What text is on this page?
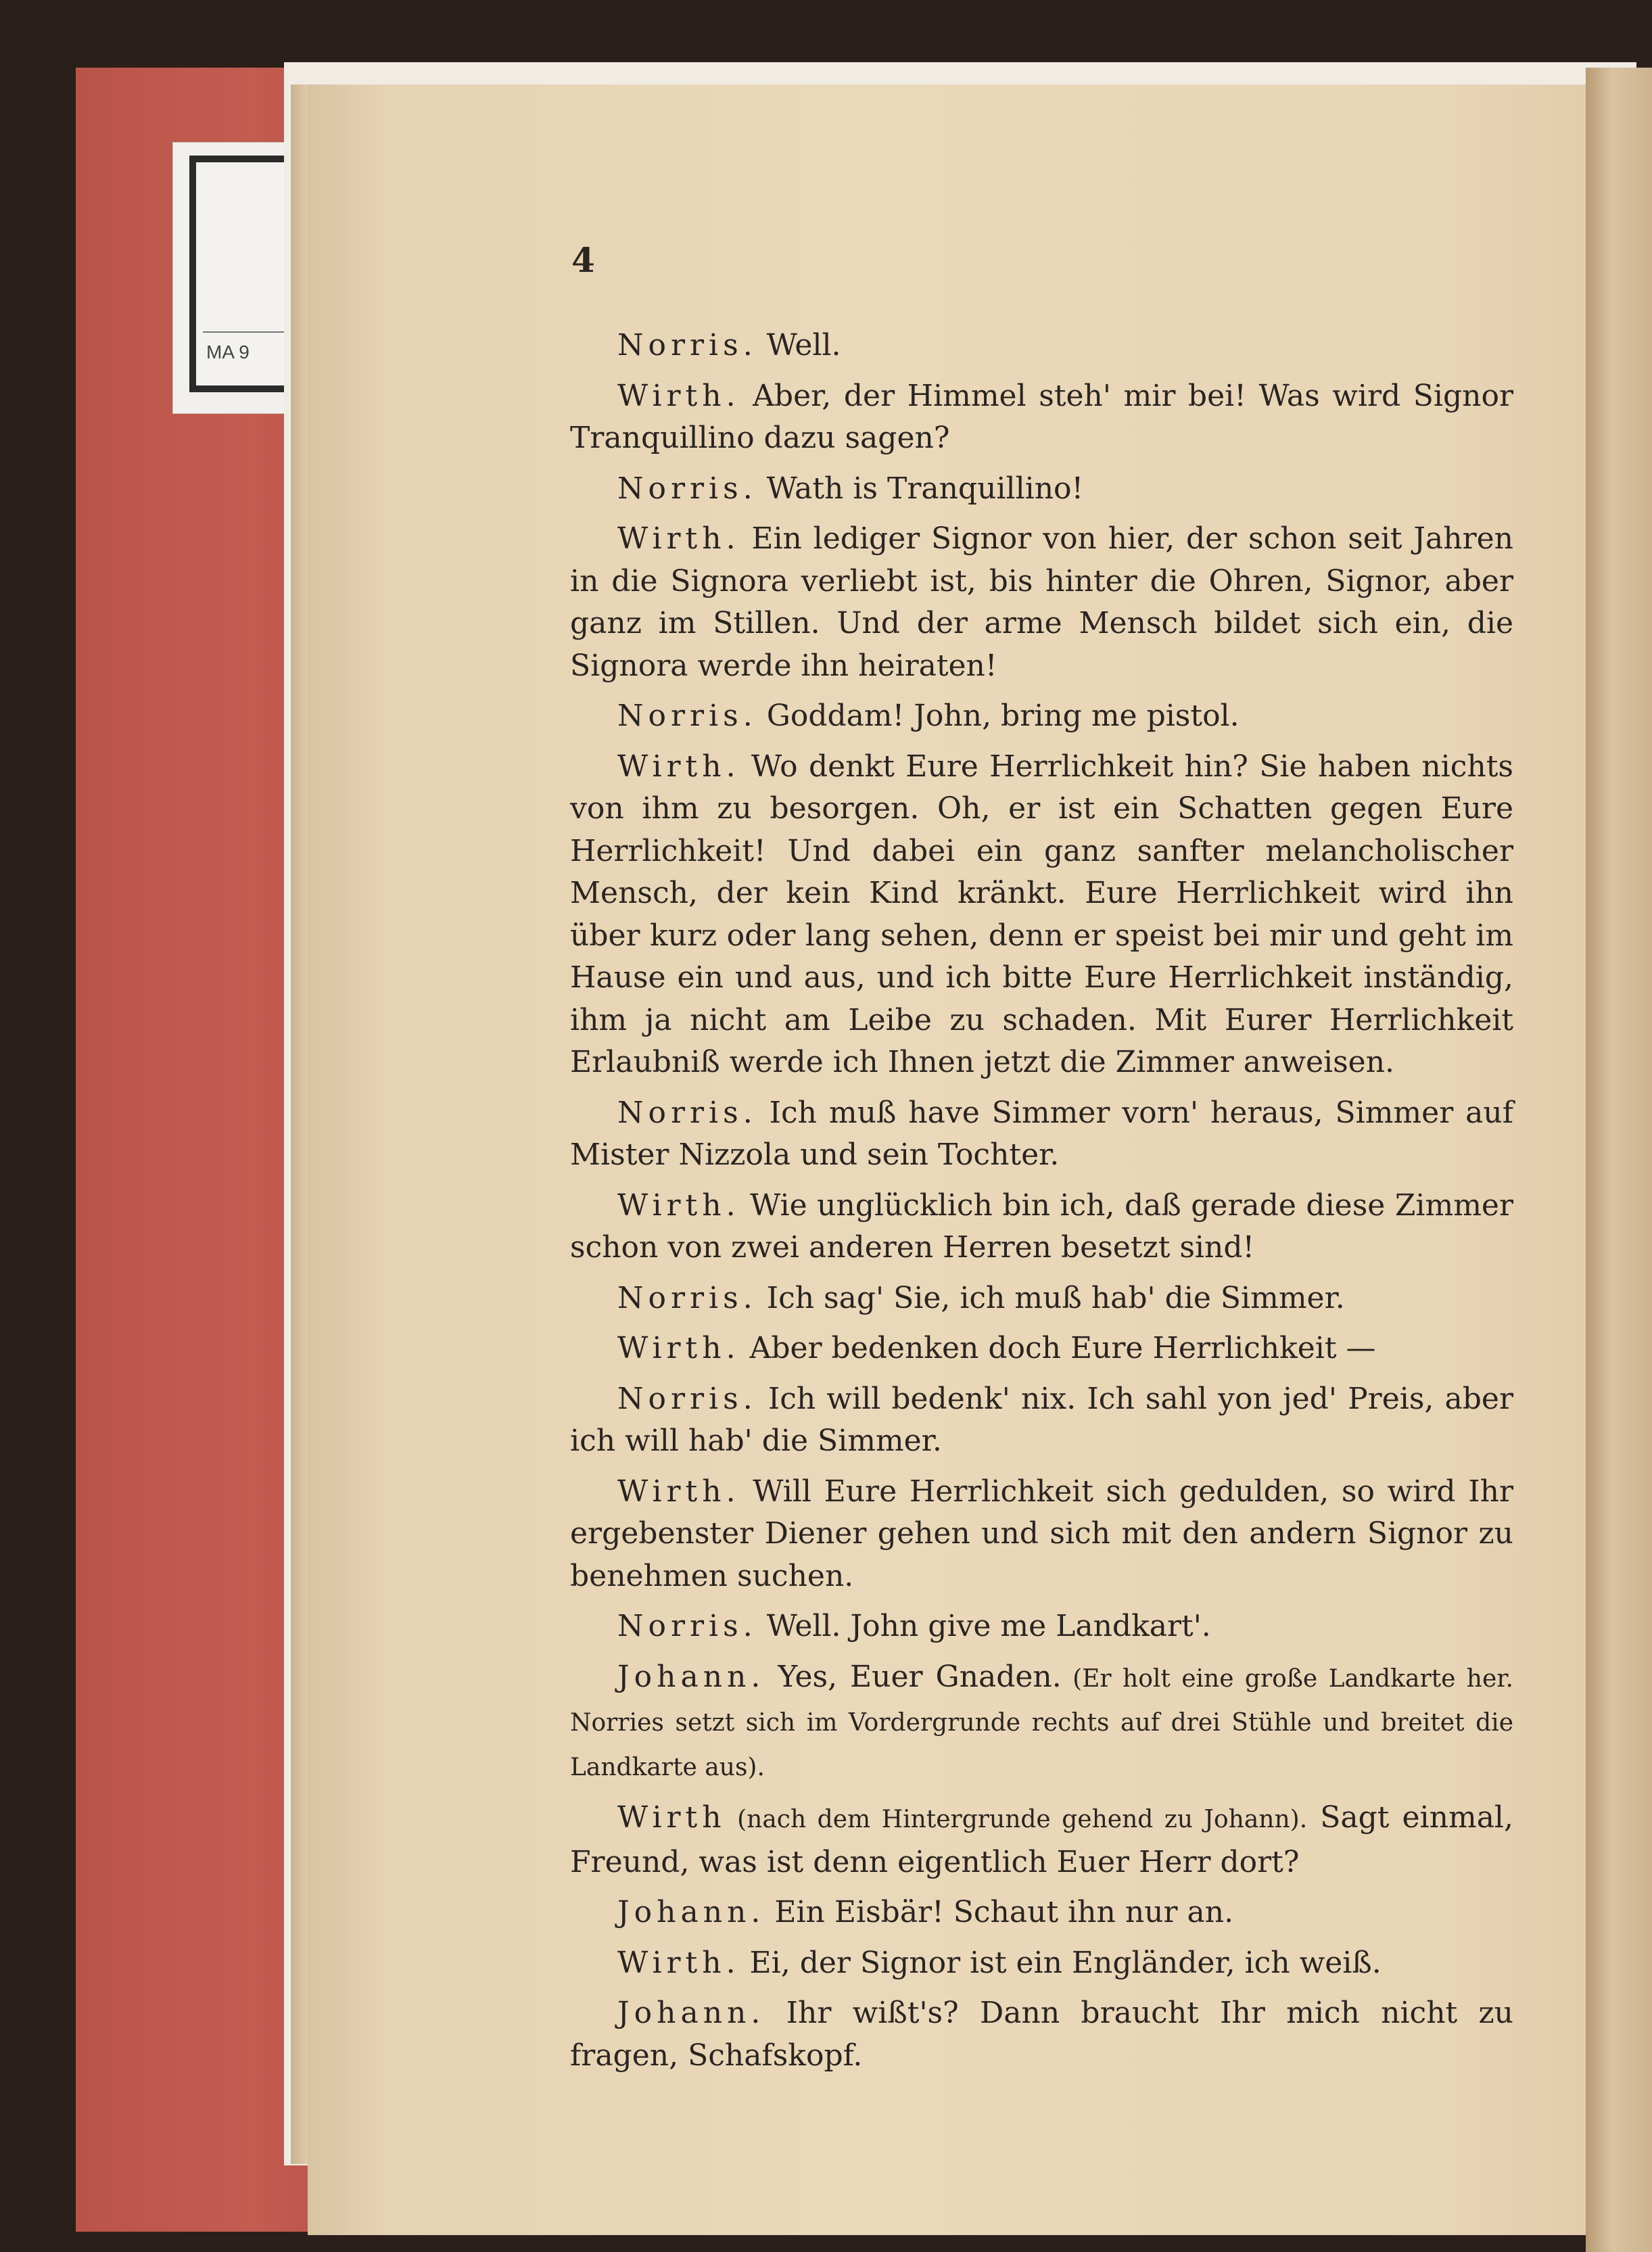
MA 9
4

Norris. Well.

Wirth. Aber, der Himmel steh' mir bei! Was wird Signor Tranquillino dazu sagen?

Norris. Wath is Tranquillino!

Wirth. Ein lediger Signor von hier, der schon seit Jahren in die Signora verliebt ist, bis hinter die Ohren, Signor, aber ganz im Stillen. Und der arme Mensch bildet sich ein, die Signora werde ihn heiraten!

Norris. Goddam! John, bring me pistol.

Wirth. Wo denkt Eure Herrlichkeit hin? Sie haben nichts von ihm zu besorgen. Oh, er ist ein Schatten gegen Eure Herrlichkeit! Und dabei ein ganz sanfter melancholischer Mensch, der kein Kind kränkt. Eure Herrlichkeit wird ihn über kurz oder lang sehen, denn er speist bei mir und geht im Hause ein und aus, und ich bitte Eure Herrlichkeit inständig, ihm ja nicht am Leibe zu schaden. Mit Eurer Herrlichkeit Erlaubniß werde ich Ihnen jetzt die Zimmer anweisen.

Norris. Ich muß have Simmer vorn' heraus, Simmer auf Mister Nizzola und sein Tochter.

Wirth. Wie unglücklich bin ich, daß gerade diese Zimmer schon von zwei anderen Herren besetzt sind!

Norris. Ich sag' Sie, ich muß hab' die Simmer.

Wirth. Aber bedenken doch Eure Herrlichkeit —

Norris. Ich will bedenk' nix. Ich sahl yon jed' Preis, aber ich will hab' die Simmer.

Wirth. Will Eure Herrlichkeit sich gedulden, so wird Ihr ergebenster Diener gehen und sich mit den andern Signor zu benehmen suchen.

Norris. Well. John give me Landkart'.

Johann. Yes, Euer Gnaden. (Er holt eine große Landkarte her. Norries setzt sich im Vordergrunde rechts auf drei Stühle und breitet die Landkarte aus).

Wirth (nach dem Hintergrunde gehend zu Johann). Sagt einmal, Freund, was ist denn eigentlich Euer Herr dort?

Johann. Ein Eisbär! Schaut ihn nur an.

Wirth. Ei, der Signor ist ein Engländer, ich weiß.

Johann. Ihr wißt's? Dann braucht Ihr mich nicht zu fragen, Schafskopf.
